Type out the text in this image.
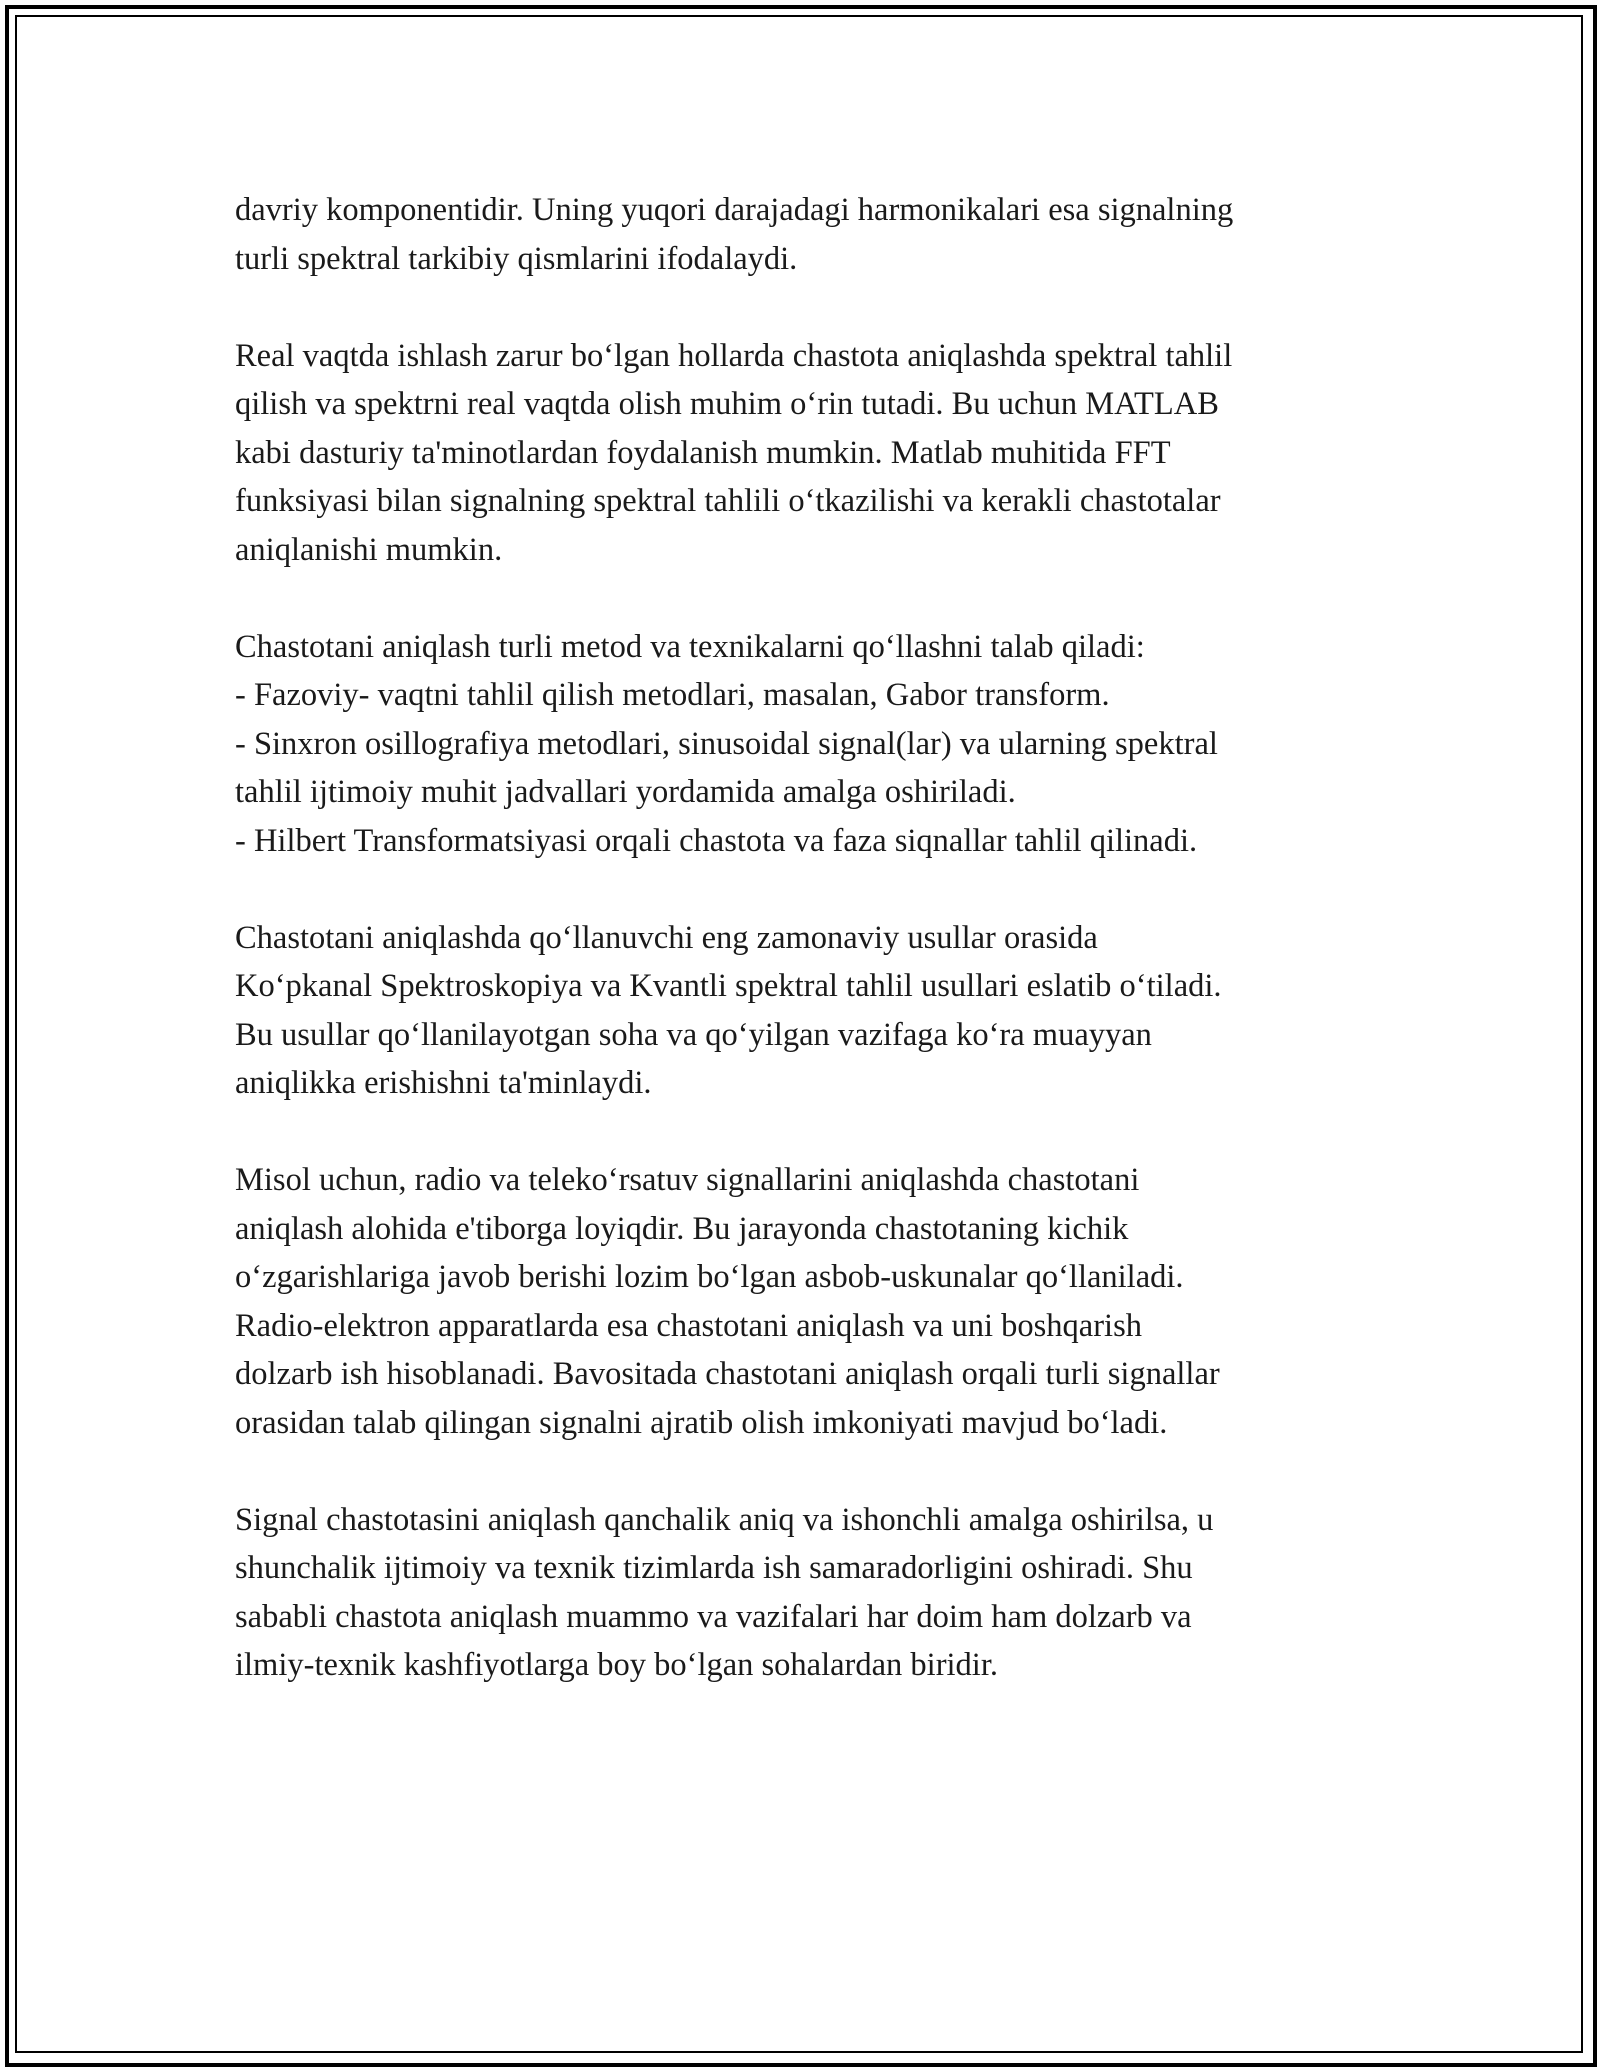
davriy komponentidir. Uning yuqori darajadagi harmonikalari esa signalning
turli spektral tarkibiy qismlarini ifodalaydi.
Real vaqtda ishlash zarur boʻlgan hollarda chastota aniqlashda spektral tahlil
qilish va spektrni real vaqtda olish muhim oʻrin tutadi. Bu uchun MATLAB
kabi dasturiy ta'minotlardan foydalanish mumkin. Matlab muhitida FFT
funksiyasi bilan signalning spektral tahlili oʻtkazilishi va kerakli chastotalar
aniqlanishi mumkin.
Chastotani aniqlash turli metod va texnikalarni qoʻllashni talab qiladi:
- Fazoviy- vaqtni tahlil qilish metodlari, masalan, Gabor transform.
- Sinxron osillografiya metodlari, sinusoidal signal(lar) va ularning spektral
tahlil ijtimoiy muhit jadvallari yordamida amalga oshiriladi.
- Hilbert Transformatsiyasi orqali chastota va faza siqnallar tahlil qilinadi.
Chastotani aniqlashda qoʻllanuvchi eng zamonaviy usullar orasida
Koʻpkanal Spektroskopiya va Kvantli spektral tahlil usullari eslatib oʻtiladi.
Bu usullar qoʻllanilayotgan soha va qoʻyilgan vazifaga koʻra muayyan
aniqlikka erishishni ta'minlaydi.
Misol uchun, radio va telekoʻrsatuv signallarini aniqlashda chastotani
aniqlash alohida e'tiborga loyiqdir. Bu jarayonda chastotaning kichik
oʻzgarishlariga javob berishi lozim boʻlgan asbob-uskunalar qoʻllaniladi.
Radio-elektron apparatlarda esa chastotani aniqlash va uni boshqarish
dolzarb ish hisoblanadi. Bavositada chastotani aniqlash orqali turli signallar
orasidan talab qilingan signalni ajratib olish imkoniyati mavjud boʻladi.
Signal chastotasini aniqlash qanchalik aniq va ishonchli amalga oshirilsa, u
shunchalik ijtimoiy va texnik tizimlarda ish samaradorligini oshiradi. Shu
sababli chastota aniqlash muammo va vazifalari har doim ham dolzarb va
ilmiy-texnik kashfiyotlarga boy boʻlgan sohalardan biridir.
